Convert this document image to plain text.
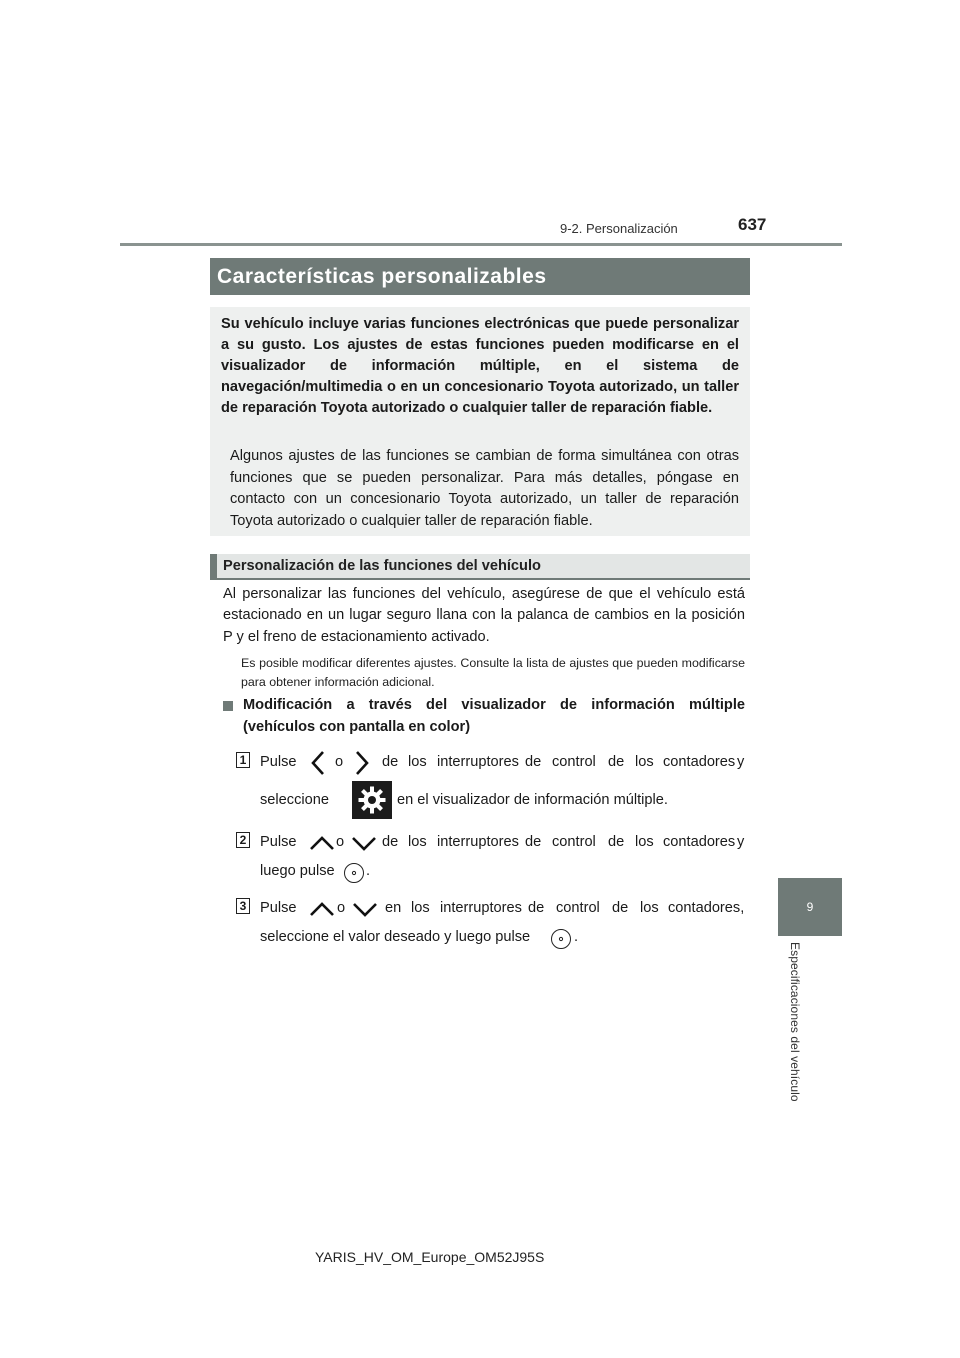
9-2. Personalización	637
9
Especificaciones del vehículo
Características personalizables
Su vehículo incluye varias funciones electrónicas que puede personalizar a su gusto. Los ajustes de estas funciones pueden modificarse en el visualizador de información múltiple, en el sistema de navegación/multimedia o en un concesionario Toyota autorizado, un taller de reparación Toyota autorizado o cualquier taller de reparación fiable.
Algunos ajustes de las funciones se cambian de forma simultánea con otras funciones que se pueden personalizar. Para más detalles, póngase en contacto con un concesionario Toyota autorizado, un taller de reparación Toyota autorizado o cualquier taller de reparación fiable.
Personalización de las funciones del vehículo
Al personalizar las funciones del vehículo, asegúrese de que el vehículo está estacionado en un lugar seguro llana con la palanca de cambios en la posición P y el freno de estacionamiento activado.
Es posible modificar diferentes ajustes. Consulte la lista de ajustes que pueden modificarse para obtener información adicional.
Modificación a través del visualizador de información múltiple (vehículos con pantalla en color)
1 Pulse	o	de los interruptores de control de los contadores y
seleccione	en el visualizador de información múltiple.
2 Pulse	o	de los interruptores de control de los contadores y
luego pulse .
3 Pulse	o	en los interruptores de control de los contadores,
seleccione el valor deseado y luego pulse	.
YARIS_HV_OM_Europe_OM52J95S
